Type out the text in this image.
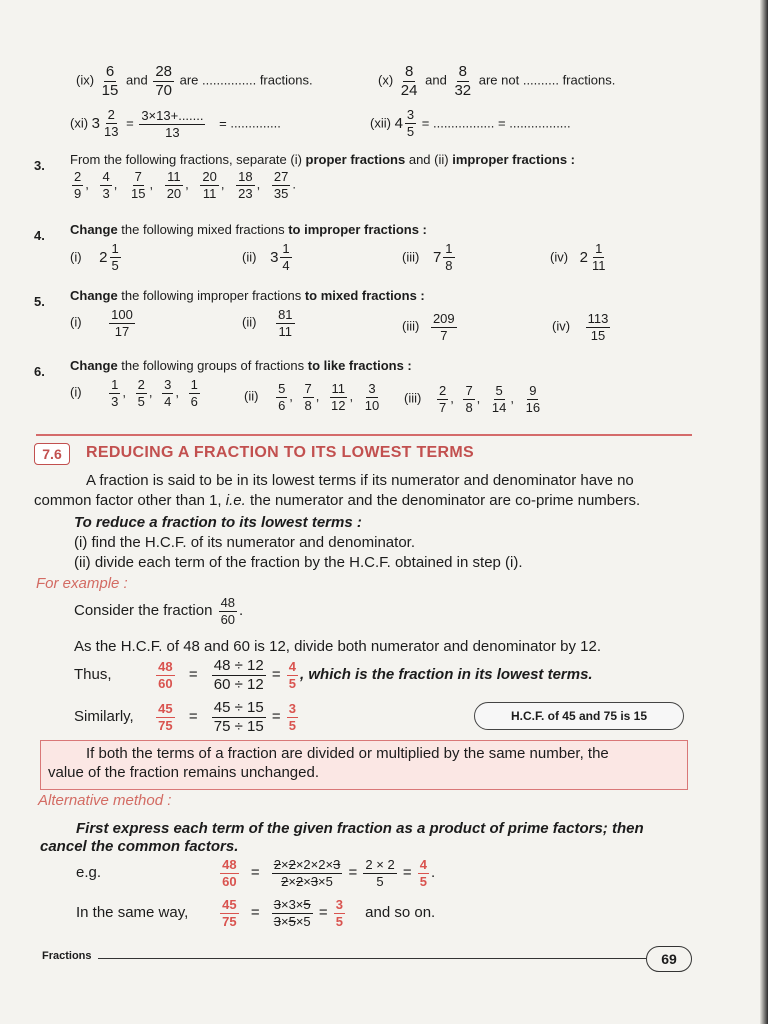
$(ix) \frac{6}{15}$ and $\frac{28}{70}$ are ............... fractions.	$(x) \frac{8}{24}$ and $\frac{8}{32}$ are not .......... fractions.
(xi) $3 \frac{2}{13} = \frac{3\times 13+.......}{13}$ = ..............	(xii) $4 \frac{3}{5}$ = ................. = .................
3. From the following fractions, separate (i) proper fractions and (ii) improper fractions :
$\frac{2}{9}$ , $\frac{4}{3}$ , $\frac{7}{15}$ , $\frac{11}{20}$ , $\frac{20}{11}$ , $\frac{18}{23}$ , $\frac{27}{35}$ .
4. Change the following mixed fractions to improper fractions :
(i) $2 \frac{1}{5}$	(ii) $3 \frac{1}{4}$	(iii) $7 \frac{1}{8}$	(iv) $2 \frac{1}{11}$
5. Change the following improper fractions to mixed fractions :
$(i) \frac{100}{17}$	$(ii) \frac{81}{11}$	$(iii) \frac{209}{7}$	$(iv) \frac{113}{15}$
6. Change the following groups of fractions to like fractions :
$(i) \frac{1}{3}$ , $\frac{2}{5}$ , $\frac{3}{4}$ , $\frac{1}{6}$	$(ii) \frac{5}{6}$ , $\frac{7}{8}$ , $\frac{11}{12}$ , $\frac{3}{10} (iii) \frac{2}{7}$ , $\frac{7}{8}$ , $\frac{5}{14}$ , $\frac{9}{16}$
7.6	REDUCING A FRACTION TO ITS LOWEST TERMS
A fraction is said to be in its lowest terms if its numerator and denominator have no
common factor other than 1, i.e. the numerator and the denominator are co-prime numbers.
To reduce a fraction to its lowest terms :
(i) find the H.C.F. of its numerator and denominator.
(ii) divide each term of the fraction by the H.C.F. obtained in step (i).
For example :
Consider the fraction $\frac{48}{60}$ .
As the H.C.F. of 48 and 60 is 12, divide both numerator and denominator by 12.
Thus,	$\frac{48}{60} = \frac{48 \div 12}{60 \div 12} = \frac{4}{5}$ , which is the fraction in its lowest terms.
Similarly, $\frac{45}{75} = \frac{45 \div 15}{75 \div 15} = \frac{3}{5}$	H.C.F. of 45 and 75 is 15
If both the terms of a fraction are divided or multiplied by the same number, the
value of the fraction remains unchanged.
Alternative method :
First express each term of the given fraction as a product of prime factors; then
cancel the common factors.
e.g.	$\frac{48}{60} = \frac{2\times 2\times 2\times 2\times 3}{2\times 2\times 3\times 5} = \frac{2 \times 2}{5} = \frac{4}{5}$ .
In the same way, $\frac{45}{75} = \frac{3\times 3\times 5}{3\times 5\times 5} = \frac{3}{5}$ and so on.
Fractions	69
